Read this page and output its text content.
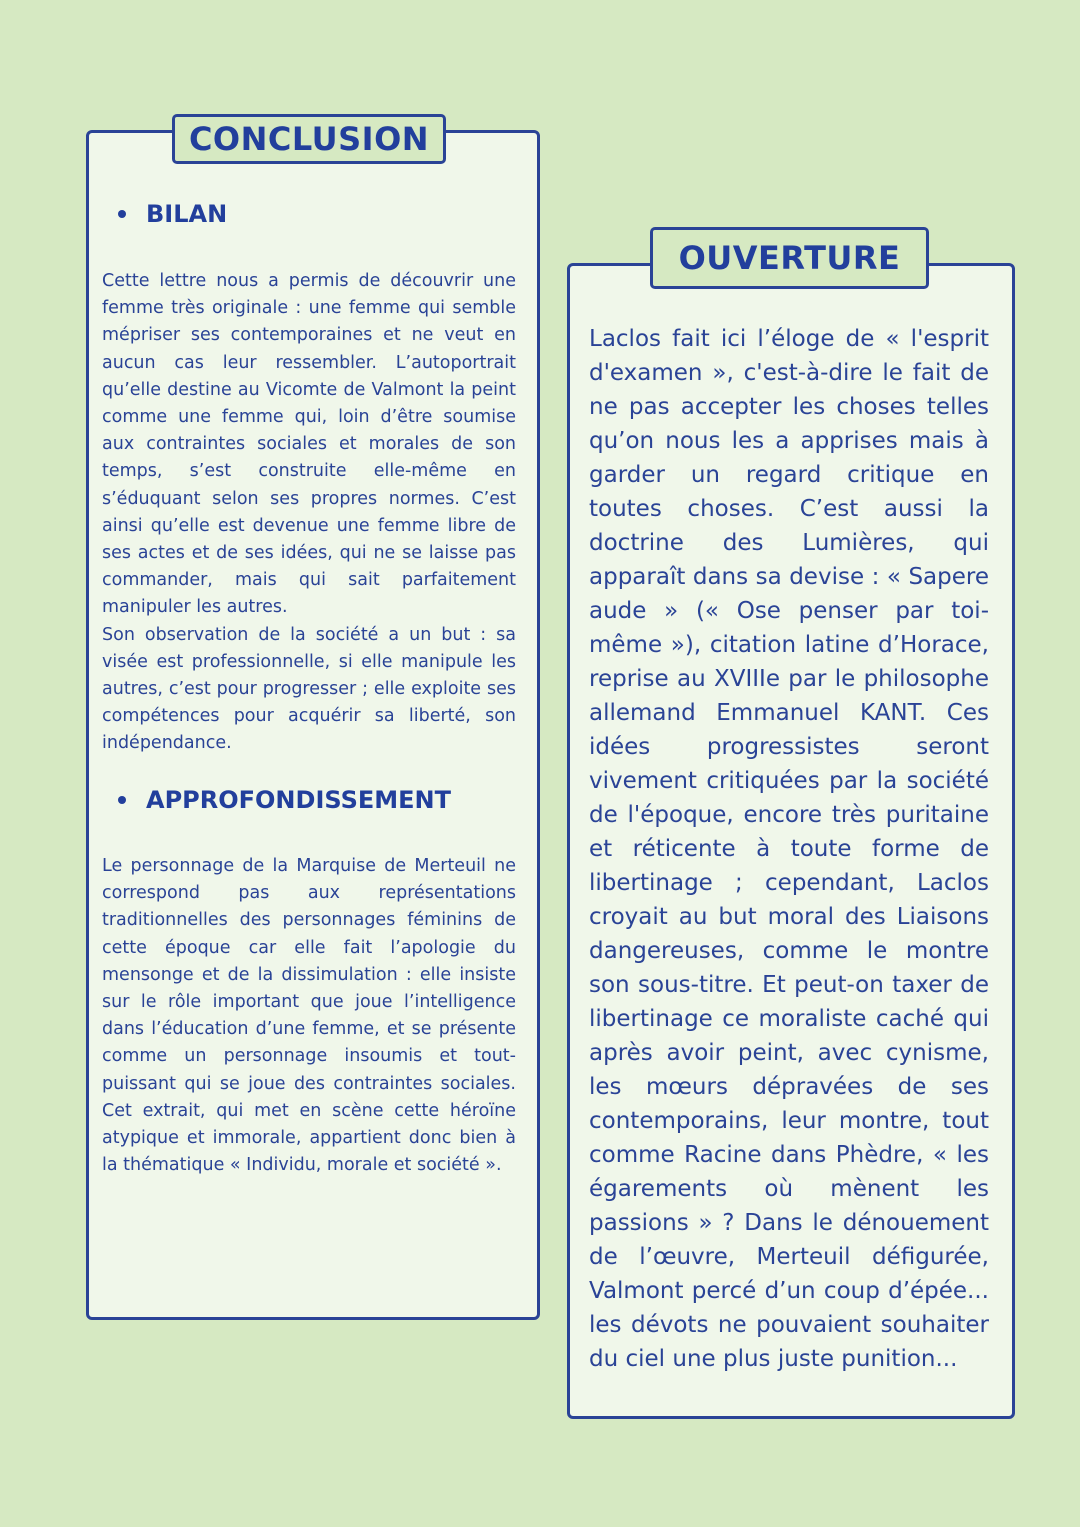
CONCLUSION
BILAN

Cette lettre nous a permis de découvrir une femme très originale : une femme qui semble mépriser ses contemporaines et ne veut en aucun cas leur ressembler. L’autoportrait qu’elle destine au Vicomte de Valmont la peint comme une femme qui, loin d’être soumise aux contraintes sociales et morales de son temps, s’est construite elle-même en s’éduquant selon ses propres normes. C’est ainsi qu’elle est devenue une femme libre de ses actes et de ses idées, qui ne se laisse pas commander, mais qui sait parfaitement manipuler les autres.

Son observation de la société a un but : sa visée est professionnelle, si elle manipule les autres, c’est pour progresser ; elle exploite ses compétences pour acquérir sa liberté, son indépendance.

APPROFONDISSEMENT

Le personnage de la Marquise de Merteuil ne correspond pas aux représentations traditionnelles des personnages féminins de cette époque car elle fait l’apologie du mensonge et de la dissimulation : elle insiste sur le rôle important que joue l’intelligence dans l’éducation d’une femme, et se présente comme un personnage insoumis et tout-puissant qui se joue des contraintes sociales. Cet extrait, qui met en scène cette héroïne atypique et immorale, appartient donc bien à la thématique « Individu, morale et société ».

OUVERTURE

Laclos fait ici l’éloge de « l'esprit d'examen », c'est-à-dire le fait de ne pas accepter les choses telles qu’on nous les a apprises mais à garder un regard critique en toutes choses. C’est aussi la doctrine des Lumières, qui apparaît dans sa devise : « Sapere aude » (« Ose penser par toi-même »), citation latine d’Horace, reprise au XVIIIe par le philosophe allemand Emmanuel KANT. Ces idées progressistes seront vivement critiquées par la société de l'époque, encore très puritaine et réticente à toute forme de libertinage ; cependant, Laclos croyait au but moral des Liaisons dangereuses, comme le montre son sous-titre. Et peut-on taxer de libertinage ce moraliste caché qui après avoir peint, avec cynisme, les mœurs dépravées de ses contemporains, leur montre, tout comme Racine dans Phèdre, « les égarements où mènent les passions » ? Dans le dénouement de l’œuvre, Merteuil défigurée, Valmont percé d’un coup d’épée... les dévots ne pouvaient souhaiter du ciel une plus juste punition...
